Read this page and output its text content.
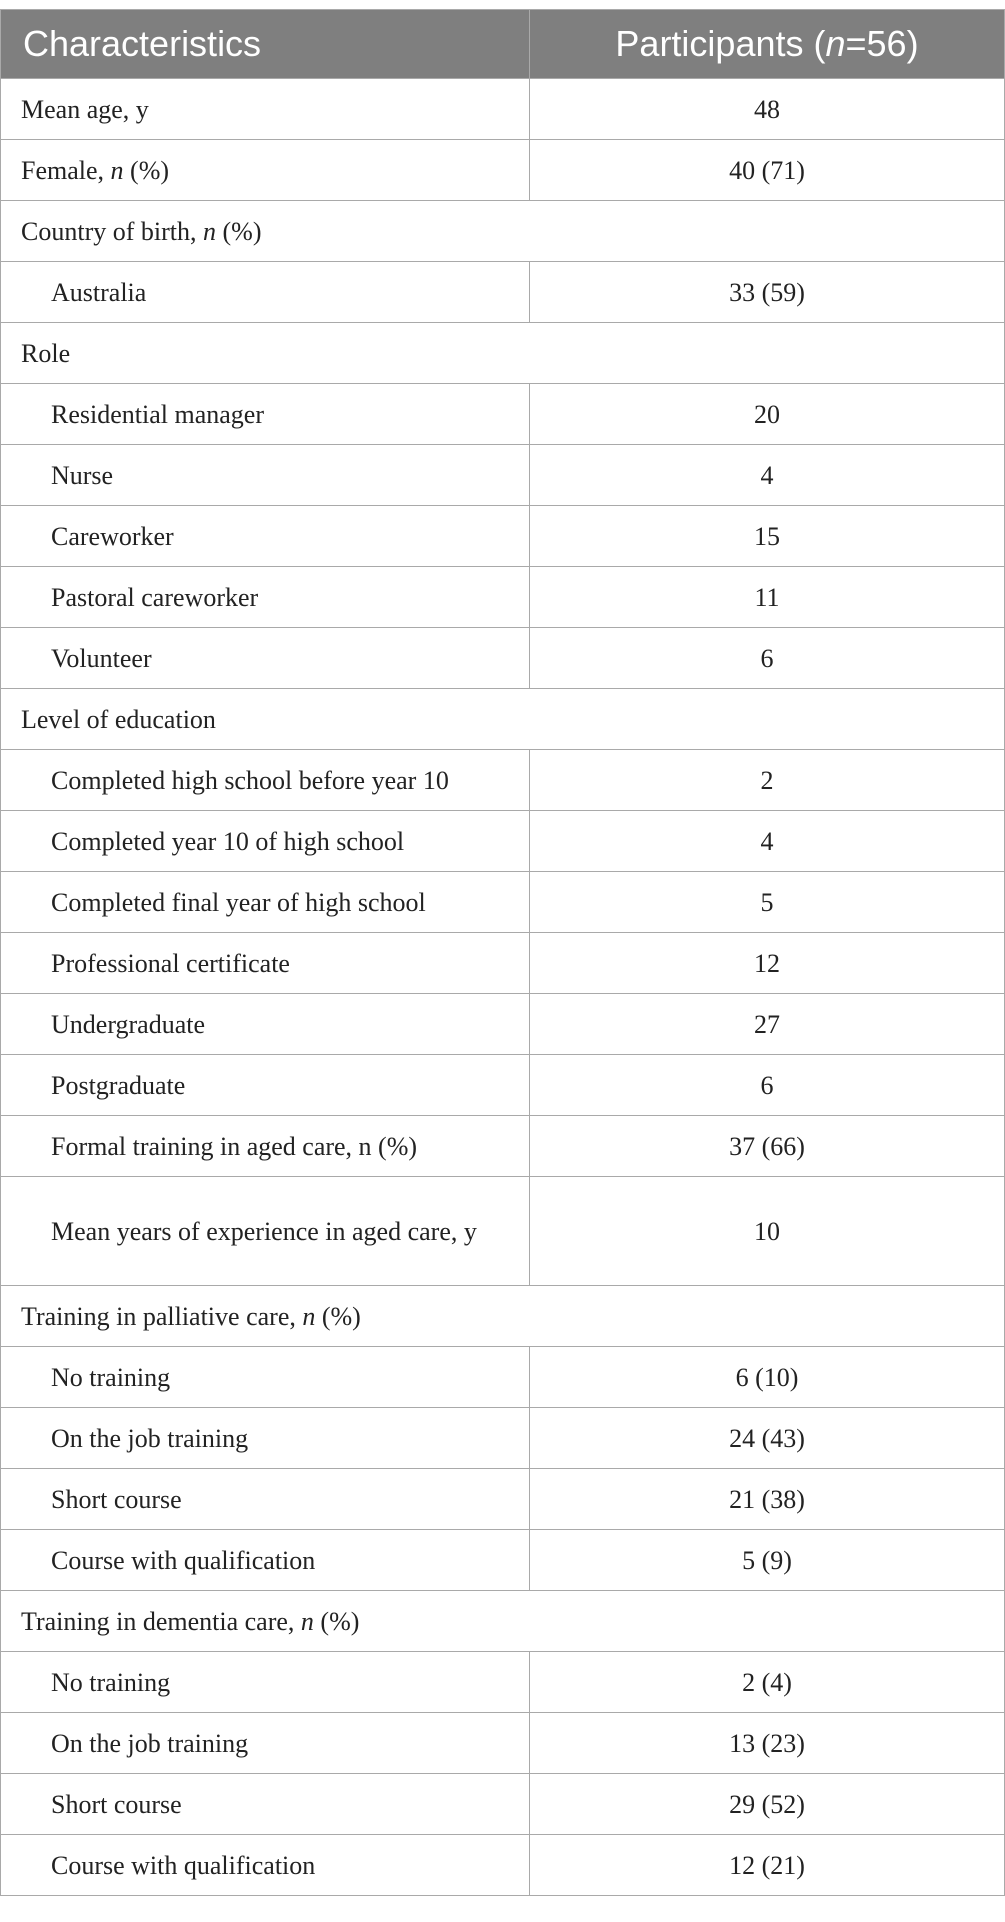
Characteristics	Participants (n=56)
Mean age, y	48
Female, n (%)	40 (71)
Country of birth, n (%)	
Australia	33 (59)
Role	
Residential manager	20
Nurse	4
Careworker	15
Pastoral careworker	11
Volunteer	6
Level of education	
Completed high school before year 10	2
Completed year 10 of high school	4
Completed final year of high school	5
Professional certificate	12
Undergraduate	27
Postgraduate	6
Formal training in aged care, n (%)	37 (66)
Mean years of experience in aged care, y	10
Training in palliative care, n (%)	
No training	6 (10)
On the job training	24 (43)
Short course	21 (38)
Course with qualification	5 (9)
Training in dementia care, n (%)	
No training	2 (4)
On the job training	13 (23)
Short course	29 (52)
Course with qualification	12 (21)
